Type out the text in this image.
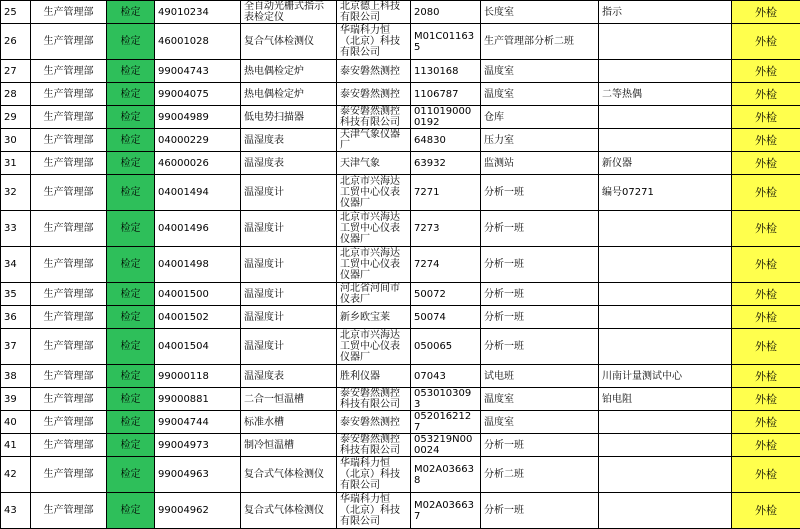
25	生产管理部	检定	49010234	全自动光栅式指示表检定仪	北京德上科技有限公司	2080	长度室	指示	外检
26	生产管理部	检定	46001028	复合气体检测仪	华瑞科力恒（北京）科技有限公司	M01C011635	生产管理部分析二班		外检
27	生产管理部	检定	99004743	热电偶检定炉	泰安磐然测控	1130168	温度室		外检
28	生产管理部	检定	99004075	热电偶检定炉	泰安磐然测控	1106787	温度室	二等热偶	外检
29	生产管理部	检定	99004989	低电势扫描器	泰安磐然测控科技有限公司	0110190000192	仓库		外检
30	生产管理部	检定	04000229	温湿度表	天津气象仪器厂	64830	压力室		外检
31	生产管理部	检定	46000026	温湿度表	天津气象	63932	监测站	新仪器	外检
32	生产管理部	检定	04001494	温湿度计	北京市兴海达工贸中心仪表仪器厂	7271	分析一班	编号07271	外检
33	生产管理部	检定	04001496	温湿度计	北京市兴海达工贸中心仪表仪器厂	7273	分析一班		外检
34	生产管理部	检定	04001498	温湿度计	北京市兴海达工贸中心仪表仪器厂	7274	分析一班		外检
35	生产管理部	检定	04001500	温湿度计	河北省河间市仪表厂	50072	分析一班		外检
36	生产管理部	检定	04001502	温湿度计	新乡欧宝莱	50074	分析一班		外检
37	生产管理部	检定	04001504	温湿度计	北京市兴海达工贸中心仪表仪器厂	050065	分析一班		外检
38	生产管理部	检定	99000118	温湿度表	胜利仪器	07043	试电班	川南计量测试中心	外检
39	生产管理部	检定	99000881	二合一恒温槽	泰安磐然测控科技有限公司	0530103093	温度室	铂电阻	外检
40	生产管理部	检定	99004744	标准水槽	泰安磐然测控	0520162127	温度室		外检
41	生产管理部	检定	99004973	制冷恒温槽	泰安磐然测控科技有限公司	053219N000024	分析一班		外检
42	生产管理部	检定	99004963	复合式气体检测仪	华瑞科力恒（北京）科技有限公司	M02A036638	分析二班		外检
43	生产管理部	检定	99004962	复合式气体检测仪	华瑞科力恒（北京）科技有限公司	M02A036637	分析一班		外检
